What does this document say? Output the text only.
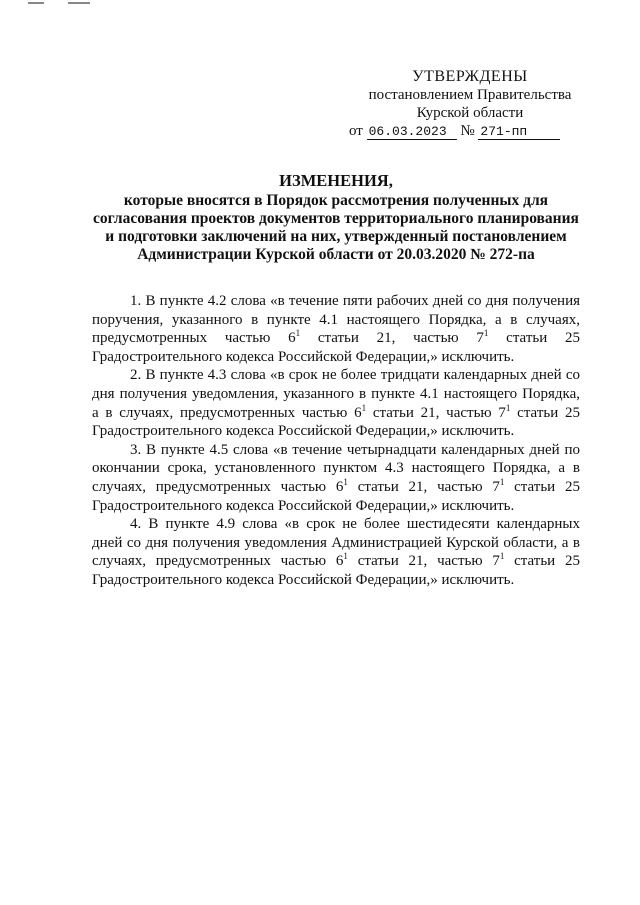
УТВЕРЖДЕНЫ
постановлением Правительства
Курской области
от 06.03.2023 № 271-пп
ИЗМЕНЕНИЯ,
которые вносятся в Порядок рассмотрения полученных для
согласования проектов документов территориального планирования
и подготовки заключений на них, утвержденный постановлением
Администрации Курской области от 20.03.2020 № 272-па

1. В пункте 4.2 слова «в течение пяти рабочих дней со дня получения поручения, указанного в пункте 4.1 настоящего Порядка, а в случаях, предусмотренных частью $6^1$ статьи 21, частью $7^1$ статьи 25 Градостроительного кодекса Российской Федерации,» исключить.

2. В пункте 4.3 слова «в срок не более тридцати календарных дней со дня получения уведомления, указанного в пункте 4.1 настоящего Порядка, а в случаях, предусмотренных частью $6^1$ статьи 21, частью $7^1$ статьи 25 Градостроительного кодекса Российской Федерации,» исключить.

3. В пункте 4.5 слова «в течение четырнадцати календарных дней по окончании срока, установленного пунктом 4.3 настоящего Порядка, а в случаях, предусмотренных частью $6^1$ статьи 21, частью $7^1$ статьи 25 Градостроительного кодекса Российской Федерации,» исключить.

4. В пункте 4.9 слова «в срок не более шестидесяти календарных дней со дня получения уведомления Администрацией Курской области, а в случаях, предусмотренных частью $6^1$ статьи 21, частью $7^1$ статьи 25 Градостроительного кодекса Российской Федерации,» исключить.
